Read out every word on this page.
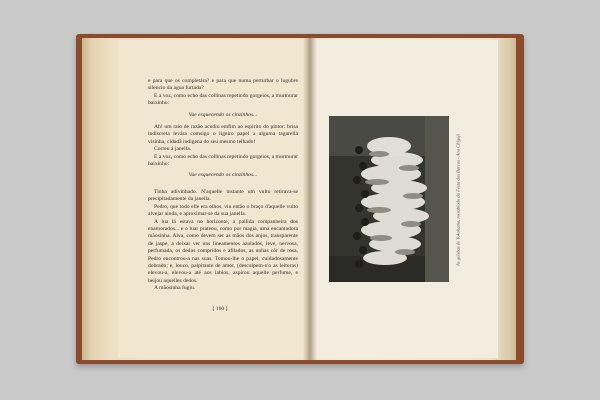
e para que os completára? e para que numa perturbar o lugubre silencio da agua furtada?

E a voz, como echo das collinas repetindo gorgeios, a murmurar baixinho:

Vae esquecendo os cinzinhos...

Ah! um raio de razão acudiu emfim ao espirito do pintor: brisa indiscreta levára comsigo o ligeiro papel a alguma tagarella visinha, cidadã indigena do seu mesmo telhado!

Correu á janella.

E a voz, como echo das collinas repetindo gorgeios, a murmurar baixinho:

Vae esquecendo os cinzinhos...

Tinha adivinhado. N'aquelle instante um vulto retirava-se precipitadamente da janella.

Pedro, que todo elle era olhos, viu então o braço d'aquelle vulto alvejar ainda, e aproximar-se da sua janella.

A lua lá estava no horizonte, a pallida companheira dos enamorados... e o luar prateou, como por magia, uma encantadora mãosinha. Alva, como devem ser as mãos dos anjos, transparente de jaspe, a deixar ver uns lineamentos azulados, leve, nervosa, perfumada, os dedos compridos e afilados, as unhas côr de rosa, Pedro encontrou-a nas suas. Tomou-lhe o papel, cuidadosamente dobrado; e, louco, palpitante de amor, (desculpem-n'o as leitoras) elevou-a, elevou-a até aos labios, aspirou aquelle perfume, e beijou aquelles dedos.

A mãosinha fugiu.

[ 160 ]
As geishas de Yokohama, no tablado da Festa dos Barcos - Ano Chigoji
